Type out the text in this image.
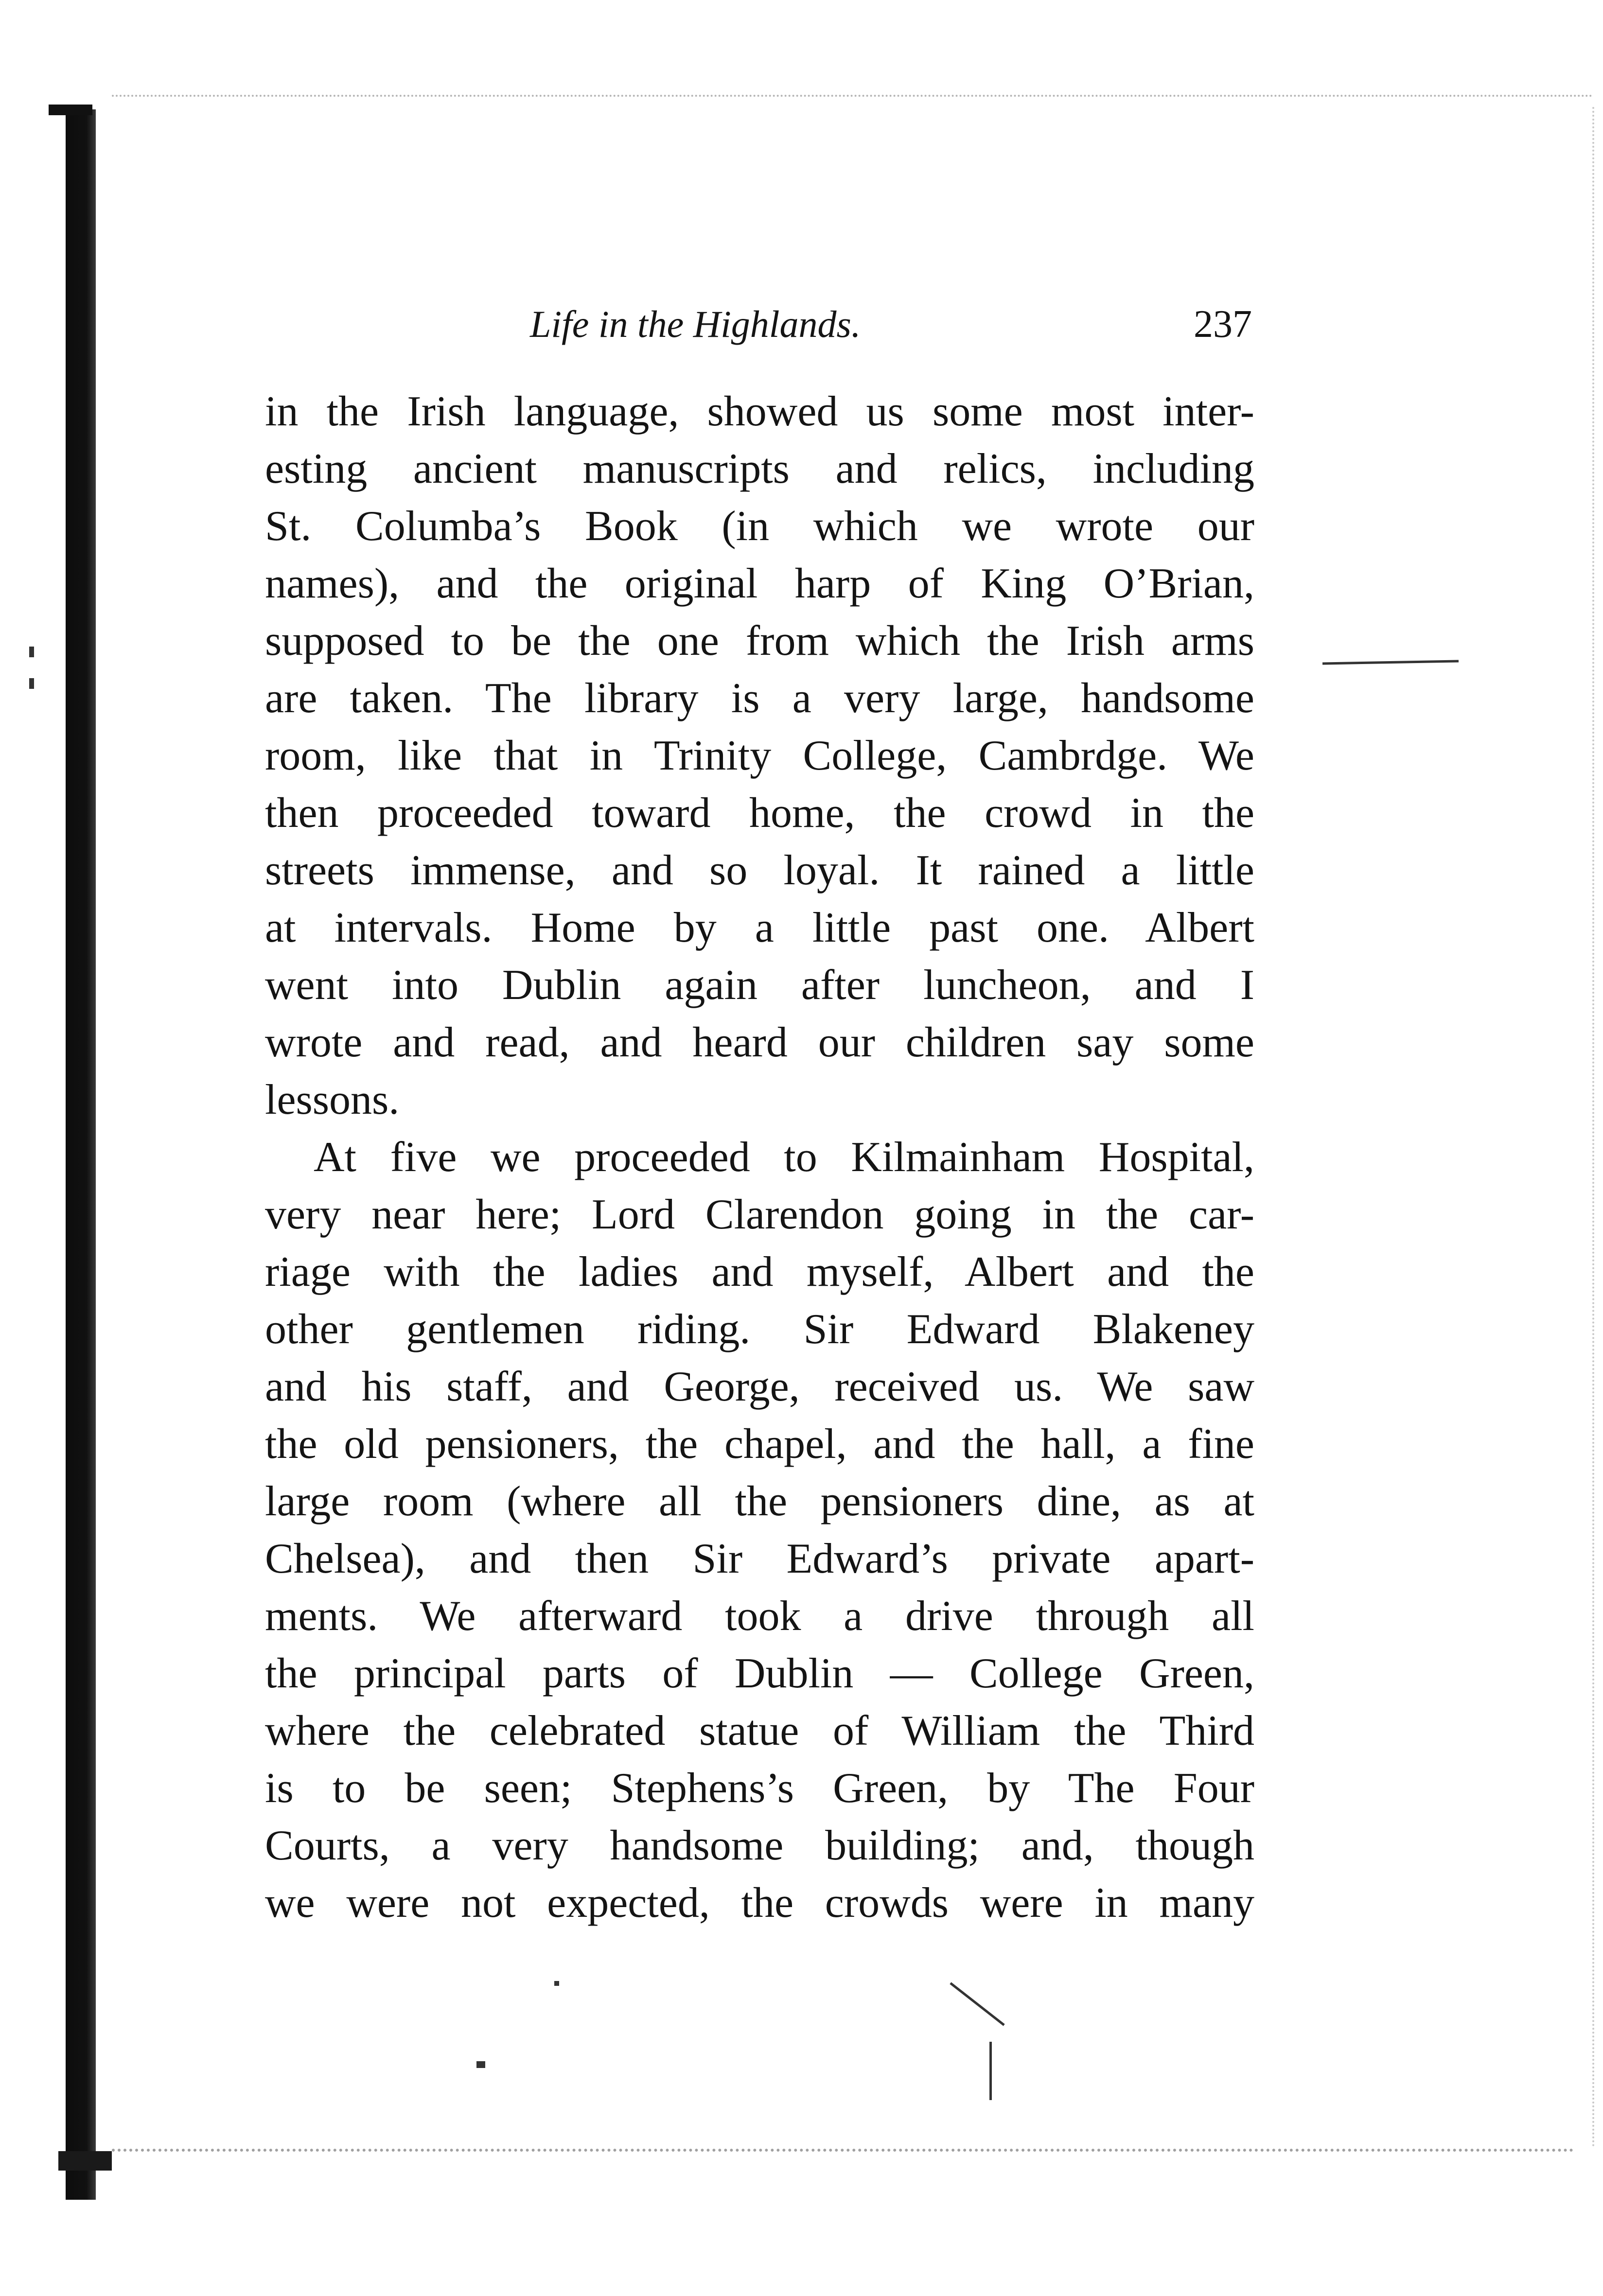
Life in the Highlands.	237
in the Irish language, showed us some most inter-
esting ancient manuscripts and relics, including
St. Columba’s Book (in which we wrote our
names), and the original harp of King O’Brian,
supposed to be the one from which the Irish arms
are taken. The library is a very large, handsome
room, like that in Trinity College, Cambrdge. We
then proceeded toward home, the crowd in the
streets immense, and so loyal. It rained a little
at intervals. Home by a little past one. Albert
went into Dublin again after luncheon, and I
wrote and read, and heard our children say some
lessons.
At five we proceeded to Kilmainham Hospital,
very near here; Lord Clarendon going in the car-
riage with the ladies and myself, Albert and the
other gentlemen riding. Sir Edward Blakeney
and his staff, and George, received us. We saw
the old pensioners, the chapel, and the hall, a fine
large room (where all the pensioners dine, as at
Chelsea), and then Sir Edward’s private apart-
ments. We afterward took a drive through all
the principal parts of Dublin — College Green,
where the celebrated statue of William the Third
is to be seen; Stephens’s Green, by The Four
Courts, a very handsome building; and, though
we were not expected, the crowds were in many
